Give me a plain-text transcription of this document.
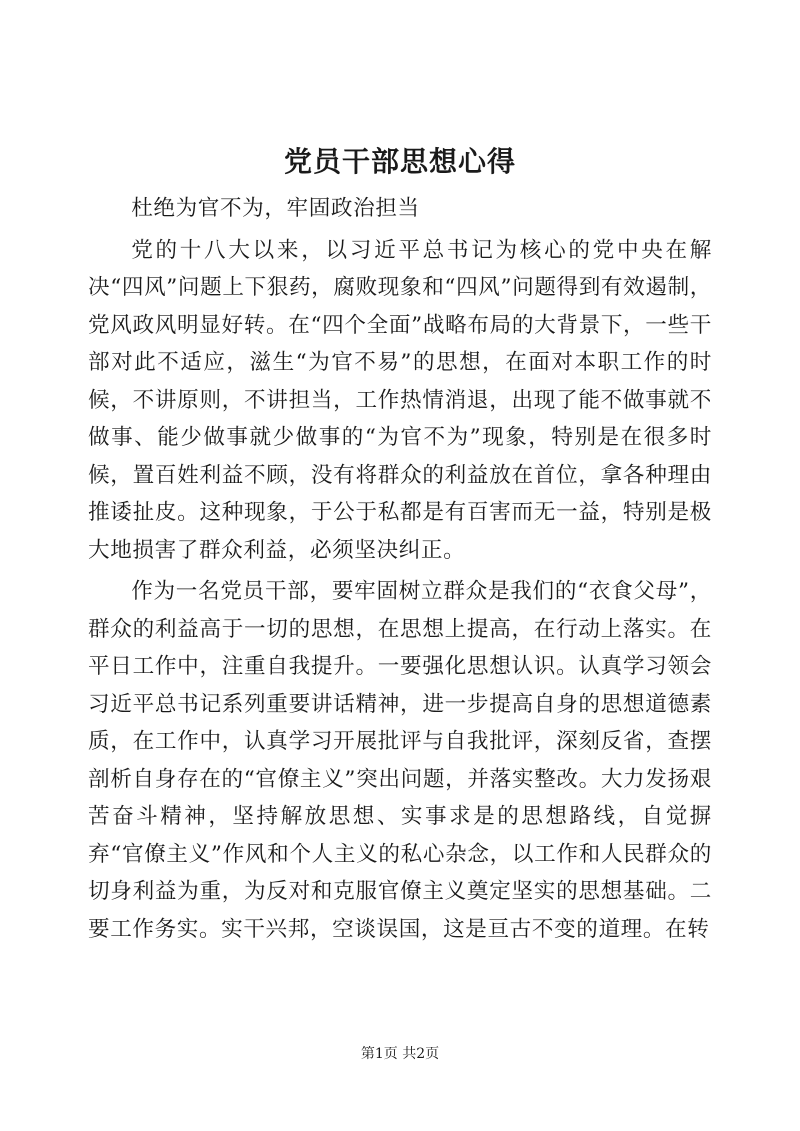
党员干部思想心得

杜绝为官不为，牢固政治担当

党的十八大以来，以习近平总书记为核心的党中央在解决“四风”问题上下狠药，腐败现象和“四风”问题得到有效遏制，党风政风明显好转。在“四个全面”战略布局的大背景下，一些干部对此不适应，滋生“为官不易”的思想，在面对本职工作的时候，不讲原则，不讲担当，工作热情消退，出现了能不做事就不做事、能少做事就少做事的“为官不为”现象，特别是在很多时候，置百姓利益不顾，没有将群众的利益放在首位，拿各种理由推诿扯皮。这种现象，于公于私都是有百害而无一益，特别是极大地损害了群众利益，必须坚决纠正。

作为一名党员干部，要牢固树立群众是我们的“衣食父母”，群众的利益高于一切的思想，在思想上提高，在行动上落实。在平日工作中，注重自我提升。一要强化思想认识。认真学习领会习近平总书记系列重要讲话精神，进一步提高自身的思想道德素质，在工作中，认真学习开展批评与自我批评，深刻反省，查摆剖析自身存在的“官僚主义”突出问题，并落实整改。大力发扬艰苦奋斗精神，坚持解放思想、实事求是的思想路线，自觉摒弃“官僚主义”作风和个人主义的私心杂念，以工作和人民群众的切身利益为重，为反对和克服官僚主义奠定坚实的思想基础。二要工作务实。实干兴邦，空谈误国，这是亘古不变的道理。在转

第1页 共2页
